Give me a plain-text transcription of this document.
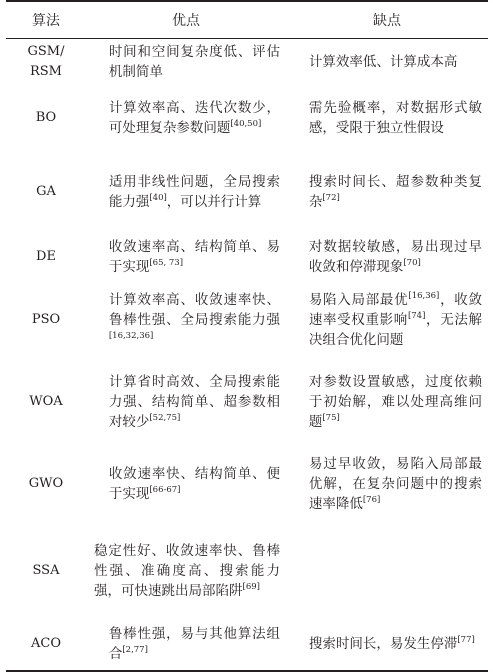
算法	优点	缺点
GSM/
RSM	时间和空间复杂度低、评估机制简单	计算效率低、计算成本高

BO	计算效率高、迭代次数少，可处理复杂参数问题[40,50]	需先验概率，对数据形式敏感，受限于独立性假设

GA	适用非线性问题，全局搜索能力强[40]，可以并行计算	搜索时间长、超参数种类复杂[72]

DE	收敛速率高、结构简单、易于实现[65, 73]	对数据较敏感，易出现过早收敛和停滞现象[70]

PSO	计算效率高、收敛速率快、鲁棒性强、全局搜索能力强[16,32,36]	易陷入局部最优[16,36]，收敛速率受权重影响[74]，无法解决组合优化问题

WOA	计算省时高效、全局搜索能力强、结构简单、超参数相对较少[52,75]	对参数设置敏感，过度依赖于初始解，难以处理高维问题[75]

GWO	收敛速率快、结构简单、便于实现[66-67]	易过早收敛，易陷入局部最优解，在复杂问题中的搜索速率降低[76]

SSA	稳定性好、收敛速率快、鲁棒性强、准确度高、搜索能力强，可快速跳出局部陷阱[69]

ACO	鲁棒性强，易与其他算法组合[2,77]	搜索时间长，易发生停滞[77]
